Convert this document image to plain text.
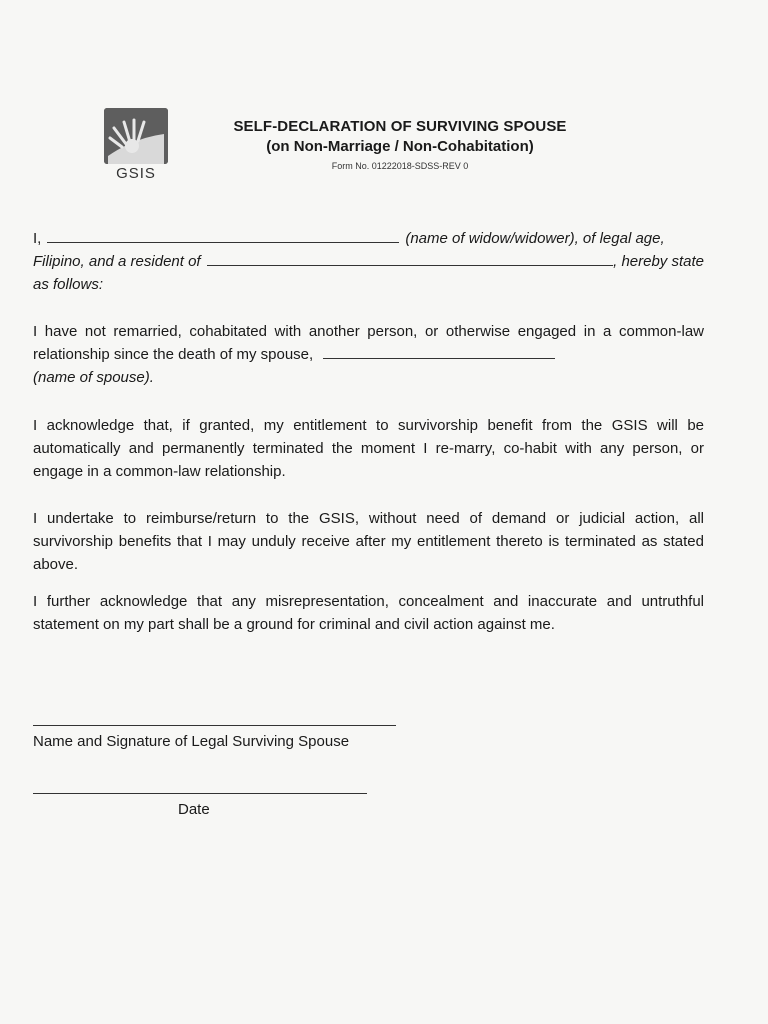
GSIS
SELF-DECLARATION OF SURVIVING SPOUSE
(on Non-Marriage / Non-Cohabitation)
Form No. 01222018-SDSS-REV 0
I,	(name of widow/widower), of legal age,
Filipino, and a resident of	, hereby state
as follows:
I have not remarried, cohabitated with another person, or otherwise engaged in a common-law relationship since the death of my spouse,
(name of spouse).
I acknowledge that, if granted, my entitlement to survivorship benefit from the GSIS will be automatically and permanently terminated the moment I re-marry, co-habit with any person, or engage in a common-law relationship.
I undertake to reimburse/return to the GSIS, without need of demand or judicial action, all survivorship benefits that I may unduly receive after my entitlement thereto is terminated as stated above.
I further acknowledge that any misrepresentation, concealment and inaccurate and untruthful statement on my part shall be a ground for criminal and civil action against me.
Name and Signature of Legal Surviving Spouse
Date
